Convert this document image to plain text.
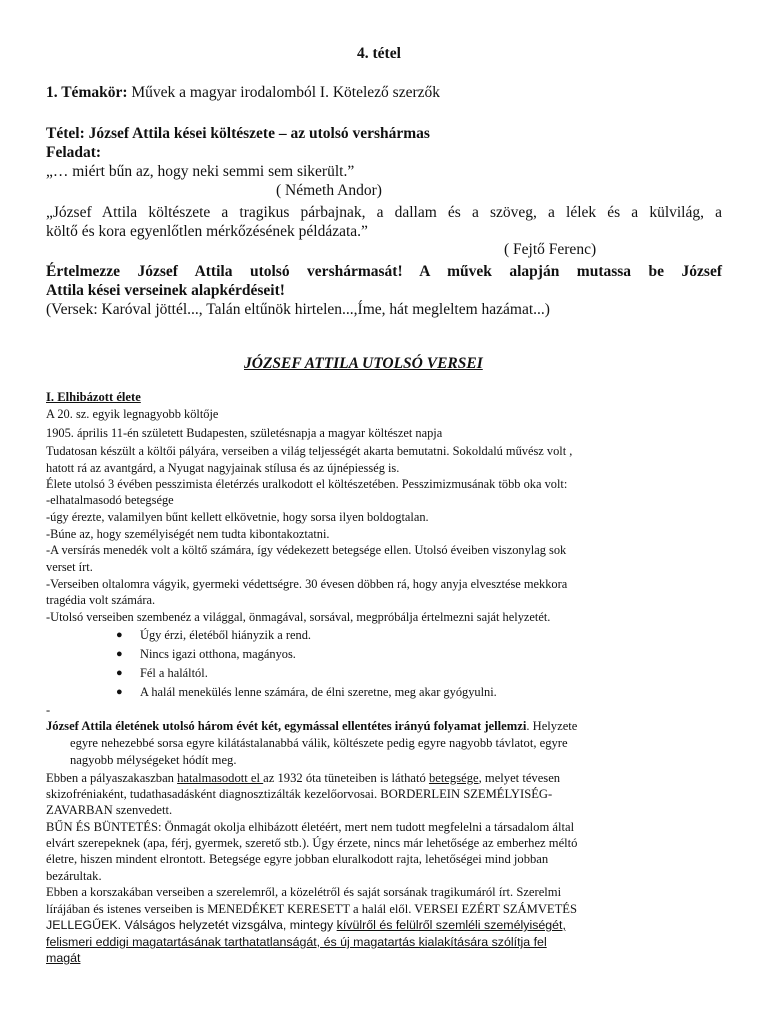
4. tétel
1. Témakör: Művek a magyar irodalomból I. Kötelező szerzők
Tétel: József Attila kései költészete – az utolsó vershármas
Feladat:
„… miért bűn az, hogy neki semmi sem sikerült.”
( Németh Andor)
„József Attila költészete a tragikus párbajnak, a dallam és a szöveg, a lélek és a külvilág, a
költő és kora egyenlőtlen mérkőzésének példázata.”
( Fejtő Ferenc)
Értelmezze József Attila utolsó vershármasát! A művek alapján mutassa be József
Attila kései verseinek alapkérdéseit!
(Versek: Karóval jöttél..., Talán eltűnök hirtelen...,Íme, hát megleltem hazámat...)
JÓZSEF ATTILA UTOLSÓ VERSEI
I. Elhibázott élete
A 20. sz. egyik legnagyobb költője
1905. április 11-én született Budapesten, születésnapja a magyar költészet napja
Tudatosan készült a költői pályára, verseiben a világ teljességét akarta bemutatni. Sokoldalú művész volt ,
hatott rá az avantgárd, a Nyugat nagyjainak stílusa és az újnépiesség is.
Élete utolsó 3 évében pesszimista életérzés uralkodott el költészetében. Pesszimizmusának több oka volt:
-elhatalmasodó betegsége
-úgy érezte, valamilyen bűnt kellett elkövetnie, hogy sorsa ilyen boldogtalan.
-Búne az, hogy személyiségét nem tudta kibontakoztatni.
-A versírás menedék volt a költő számára, így védekezett betegsége ellen. Utolsó éveiben viszonylag sok
verset írt.
-Verseiben oltalomra vágyik, gyermeki védettségre. 30 évesen döbben rá, hogy anyja elvesztése mekkora
tragédia volt számára.
-Utolsó verseiben szembenéz a világgal, önmagával, sorsával, megpróbálja értelmezni saját helyzetét.
● Úgy érzi, életéből hiányzik a rend.
● Nincs igazi otthona, magányos.
● Fél a haláltól.
● A halál menekülés lenne számára, de élni szeretne, meg akar gyógyulni.
-
József Attila életének utolsó három évét két, egymással ellentétes irányú folyamat jellemzi. Helyzete
egyre nehezebbé sorsa egyre kilátástalanabbá válik, költészete pedig egyre nagyobb távlatot, egyre
nagyobb mélységeket hódít meg.
Ebben a pályaszakaszban hatalmasodott el az 1932 óta tüneteiben is látható betegsége, melyet tévesen
skizofréniaként, tudathasadásként diagnosztizálták kezelőorvosai. BORDERLEIN SZEMÉLYISÉG-
ZAVARBAN szenvedett.
BŰN ÉS BÜNTETÉS: Önmagát okolja elhibázott életéért, mert nem tudott megfelelni a társadalom által
elvárt szerepeknek (apa, férj, gyermek, szerető stb.). Úgy érzete, nincs már lehetősége az emberhez méltó
életre, hiszen mindent elrontott. Betegsége egyre jobban eluralkodott rajta, lehetőségei mind jobban
bezárultak.
Ebben a korszakában verseiben a szerelemről, a közelétről és saját sorsának tragikumáról írt. Szerelmi
lírájában és istenes verseiben is MENEDÉKET KERESETT a halál elől. VERSEI EZÉRT SZÁMVETÉS
JELLEGŰEK. Válságos helyzetét vizsgálva, mintegy kívülről és felülről szemléli személyiségét,
felismeri eddigi magatartásának tarthatatlanságát, és új magatartás kialakítására szólítja fel
magát
